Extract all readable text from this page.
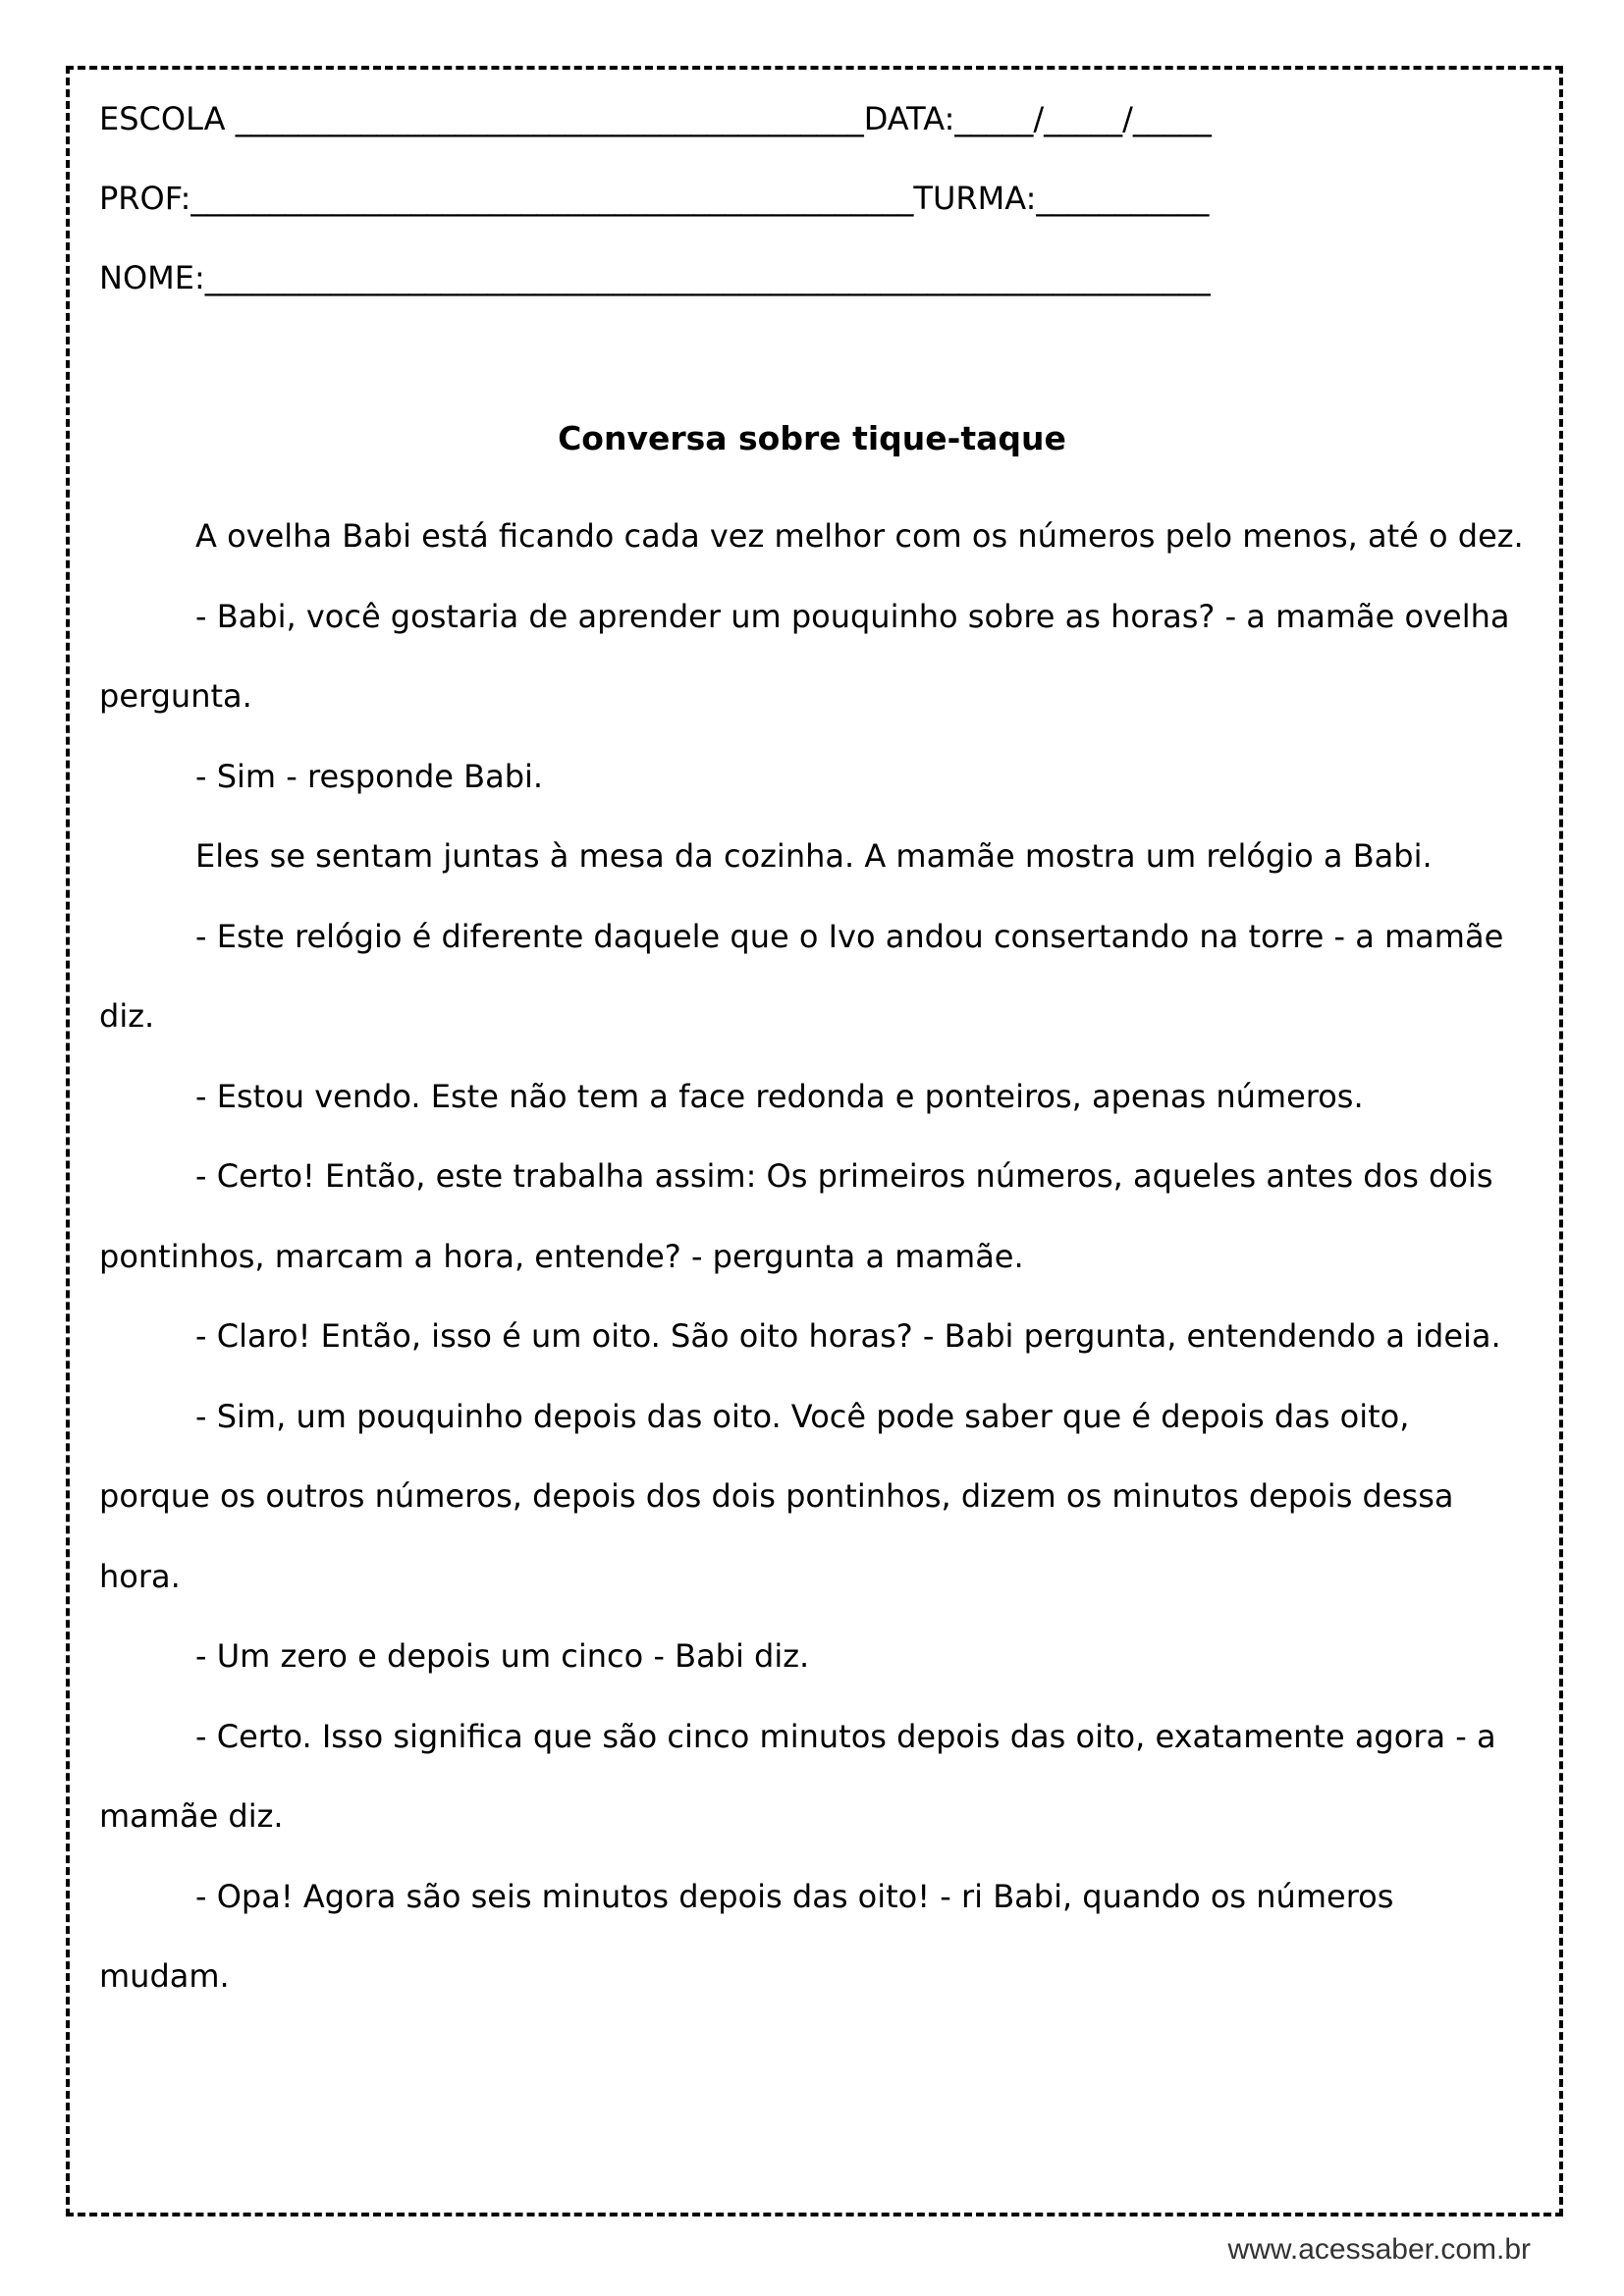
ESCOLA ________________________________________DATA:_____/_____/_____
PROF:______________________________________________TURMA:___________
NOME:________________________________________________________________
Conversa sobre tique-taque

A ovelha Babi está ficando cada vez melhor com os números pelo menos, até o dez.

- Babi, você gostaria de aprender um pouquinho sobre as horas? - a mamãe ovelha pergunta.

- Sim - responde Babi.

Eles se sentam juntas à mesa da cozinha. A mamãe mostra um relógio a Babi.

- Este relógio é diferente daquele que o Ivo andou consertando na torre - a mamãe diz.

- Estou vendo. Este não tem a face redonda e ponteiros, apenas números.

- Certo! Então, este trabalha assim: Os primeiros números, aqueles antes dos dois pontinhos, marcam a hora, entende? - pergunta a mamãe.

- Claro! Então, isso é um oito. São oito horas? - Babi pergunta, entendendo a ideia.

- Sim, um pouquinho depois das oito. Você pode saber que é depois das oito, porque os outros números, depois dos dois pontinhos, dizem os minutos depois dessa hora.

- Um zero e depois um cinco - Babi diz.

- Certo. Isso significa que são cinco minutos depois das oito, exatamente agora - a mamãe diz.

- Opa! Agora são seis minutos depois das oito! - ri Babi, quando os números mudam.

www.acessaber.com.br
